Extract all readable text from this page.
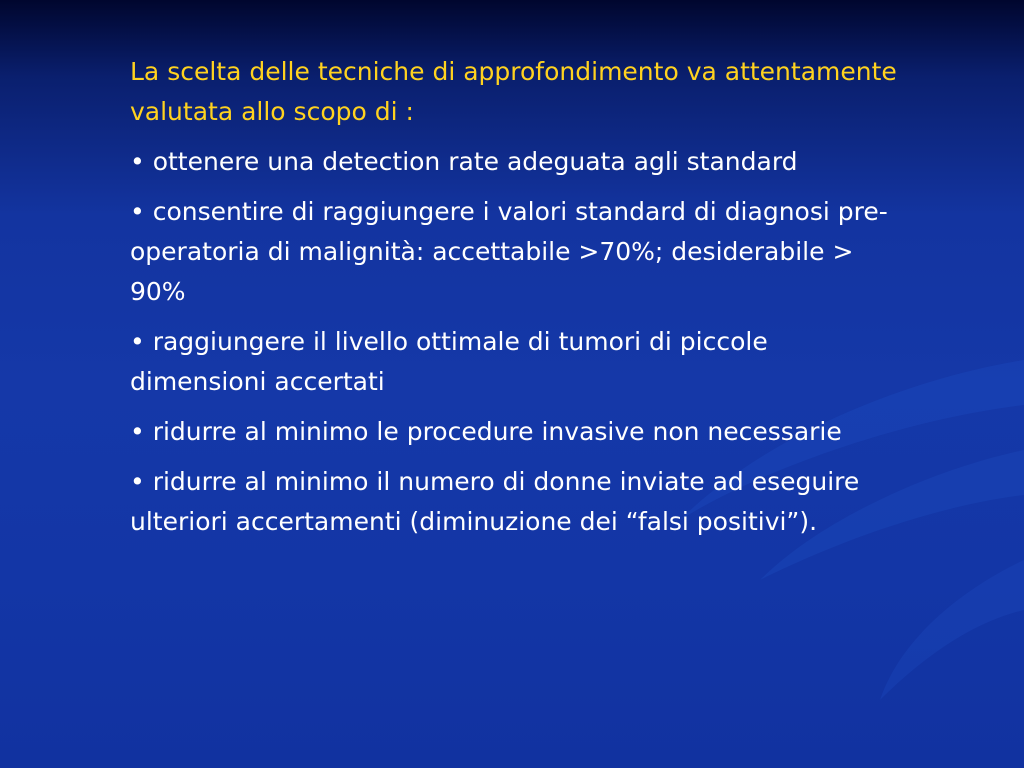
La scelta delle tecniche di approfondimento va attentamente valutata allo scopo di :

• ottenere una detection rate adeguata agli standard

• consentire di raggiungere i valori standard di diagnosi pre-operatoria di malignità: accettabile >70%; desiderabile > 90%

• raggiungere il livello ottimale di tumori di piccole dimensioni accertati

• ridurre al minimo le procedure invasive non necessarie

• ridurre al minimo il numero di donne inviate ad eseguire ulteriori accertamenti (diminuzione dei “falsi positivi”).
